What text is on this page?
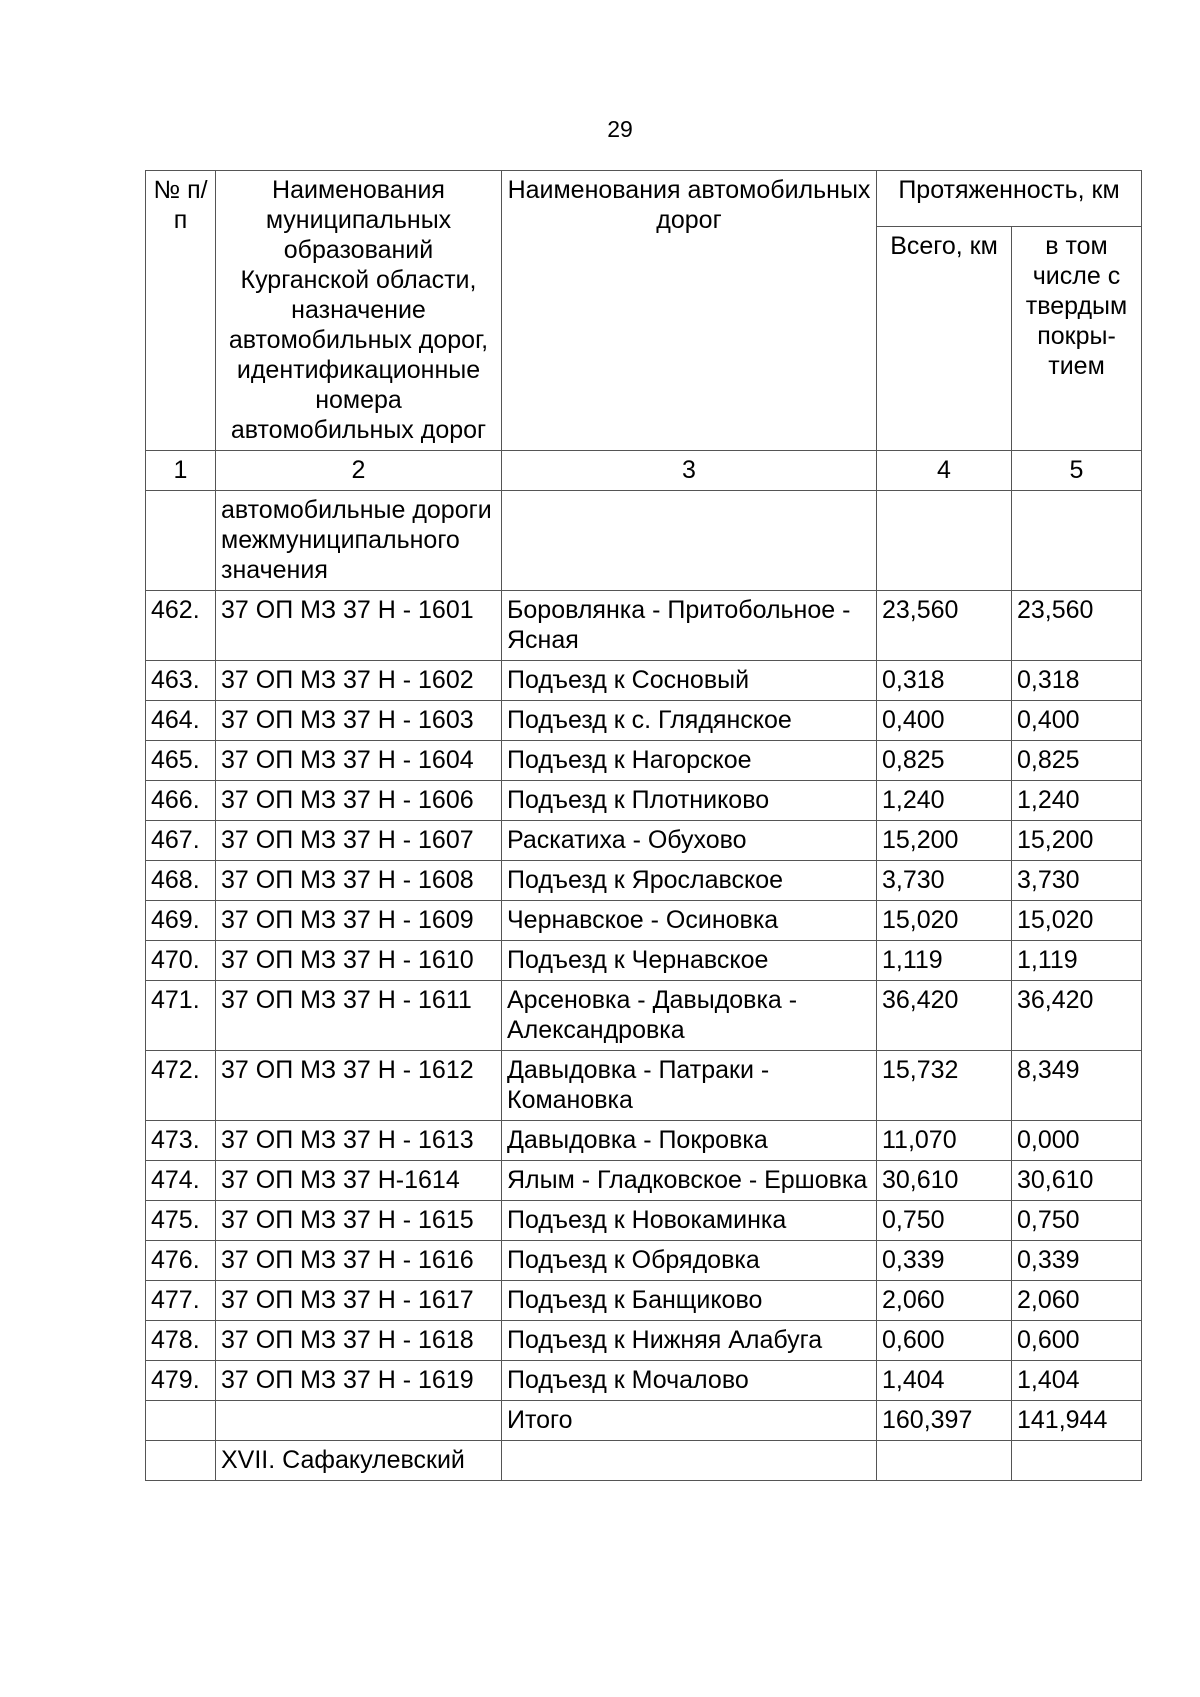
29
№ п/п	Наименования муниципальных образований Курганской области, назначение автомобильных дорог, идентификационные номера автомобильных дорог	Наименования автомобильных дорог	Протяженность, км	
			Всего, км	в том числе с твердым покры-тием
1	2	3	4	5
	автомобильные дороги межмуниципального значения			
462.	37 ОП МЗ 37 Н - 1601	Боровлянка - Притобольное - Ясная	23,560	23,560
463.	37 ОП МЗ 37 Н - 1602	Подъезд к Сосновый	0,318	0,318
464.	37 ОП МЗ 37 Н - 1603	Подъезд к с. Глядянское	0,400	0,400
465.	37 ОП МЗ 37 Н - 1604	Подъезд к Нагорское	0,825	0,825
466.	37 ОП МЗ 37 Н - 1606	Подъезд к Плотниково	1,240	1,240
467.	37 ОП МЗ 37 Н - 1607	Раскатиха - Обухово	15,200	15,200
468.	37 ОП МЗ 37 Н - 1608	Подъезд к Ярославское	3,730	3,730
469.	37 ОП МЗ 37 Н - 1609	Чернавское - Осиновка	15,020	15,020
470.	37 ОП МЗ 37 Н - 1610	Подъезд к Чернавское	1,119	1,119
471.	37 ОП МЗ 37 Н - 1611	Арсеновка - Давыдовка - Александровка	36,420	36,420
472.	37 ОП МЗ 37 Н - 1612	Давыдовка - Патраки - Комановка	15,732	8,349
473.	37 ОП МЗ 37 Н - 1613	Давыдовка - Покровка	11,070	0,000
474.	37 ОП МЗ 37 Н-1614	Ялым - Гладковское - Ершовка	30,610	30,610
475.	37 ОП МЗ 37 Н - 1615	Подъезд к Новокаминка	0,750	0,750
476.	37 ОП МЗ 37 Н - 1616	Подъезд к Обрядовка	0,339	0,339
477.	37 ОП МЗ 37 Н - 1617	Подъезд к Банщиково	2,060	2,060
478.	37 ОП МЗ 37 Н - 1618	Подъезд к Нижняя Алабуга	0,600	0,600
479.	37 ОП МЗ 37 Н - 1619	Подъезд к Мочалово	1,404	1,404
		Итого	160,397	141,944
	XVII. Сафакулевский			
